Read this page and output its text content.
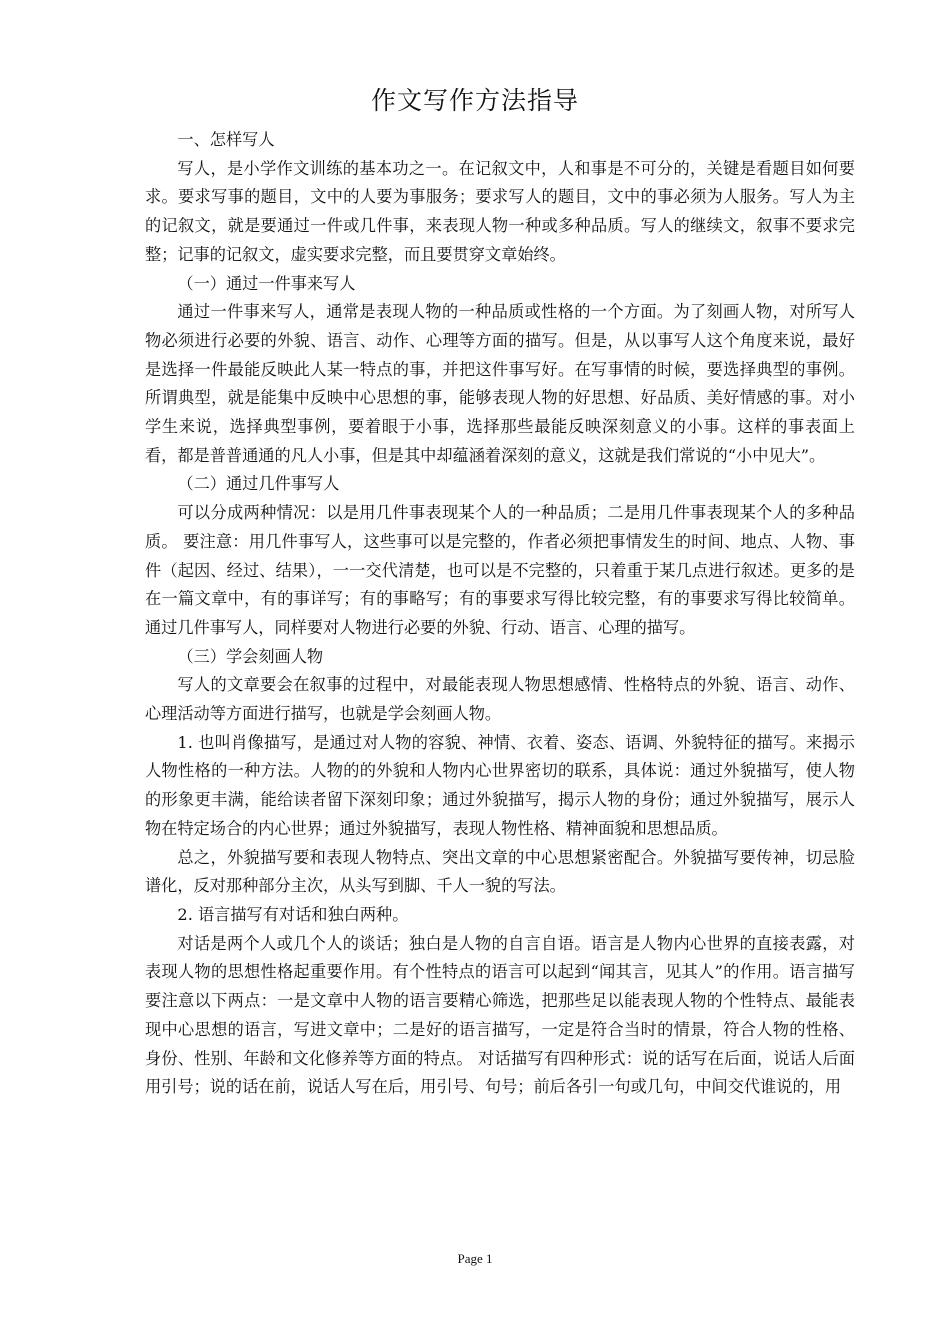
作文写作方法指导

一、怎样写人

写人，是小学作文训练的基本功之一。在记叙文中，人和事是不可分的，关键是看题目如何要求。要求写事的题目，文中的人要为事服务；要求写人的题目，文中的事必须为人服务。写人为主的记叙文，就是要通过一件或几件事，来表现人物一种或多种品质。写人的继续文，叙事不要求完整；记事的记叙文，虚实要求完整，而且要贯穿文章始终。

（一）通过一件事来写人

通过一件事来写人，通常是表现人物的一种品质或性格的一个方面。为了刻画人物，对所写人物必须进行必要的外貌、语言、动作、心理等方面的描写。但是，从以事写人这个角度来说，最好是选择一件最能反映此人某一特点的事，并把这件事写好。在写事情的时候，要选择典型的事例。所谓典型，就是能集中反映中心思想的事，能够表现人物的好思想、好品质、美好情感的事。对小学生来说，选择典型事例，要着眼于小事，选择那些最能反映深刻意义的小事。这样的事表面上看，都是普普通通的凡人小事，但是其中却蕴涵着深刻的意义，这就是我们常说的“小中见大”。

（二）通过几件事写人

可以分成两种情况：以是用几件事表现某个人的一种品质；二是用几件事表现某个人的多种品质。 要注意：用几件事写人，这些事可以是完整的，作者必须把事情发生的时间、地点、人物、事件（起因、经过、结果），一一交代清楚，也可以是不完整的，只着重于某几点进行叙述。更多的是在一篇文章中，有的事详写；有的事略写；有的事要求写得比较完整，有的事要求写得比较简单。 通过几件事写人，同样要对人物进行必要的外貌、行动、语言、心理的描写。

（三）学会刻画人物

写人的文章要会在叙事的过程中，对最能表现人物思想感情、性格特点的外貌、语言、动作、心理活动等方面进行描写，也就是学会刻画人物。

1. 也叫肖像描写，是通过对人物的容貌、神情、衣着、姿态、语调、外貌特征的描写。来揭示人物性格的一种方法。人物的的外貌和人物内心世界密切的联系，具体说：通过外貌描写，使人物的形象更丰满，能给读者留下深刻印象；通过外貌描写，揭示人物的身份；通过外貌描写，展示人物在特定场合的内心世界；通过外貌描写，表现人物性格、精神面貌和思想品质。

总之，外貌描写要和表现人物特点、突出文章的中心思想紧密配合。外貌描写要传神，切忌脸谱化，反对那种部分主次，从头写到脚、千人一貌的写法。

2. 语言描写有对话和独白两种。

对话是两个人或几个人的谈话；独白是人物的自言自语。语言是人物内心世界的直接表露，对表现人物的思想性格起重要作用。有个性特点的语言可以起到“闻其言，见其人”的作用。语言描写要注意以下两点：一是文章中人物的语言要精心筛选，把那些足以能表现人物的个性特点、最能表现中心思想的语言，写进文章中；二是好的语言描写，一定是符合当时的情景，符合人物的性格、身份、性别、年龄和文化修养等方面的特点。 对话描写有四种形式：说的话写在后面，说话人后面用引号；说的话在前，说话人写在后，用引号、句号；前后各引一句或几句，中间交代谁说的，用

Page 1
